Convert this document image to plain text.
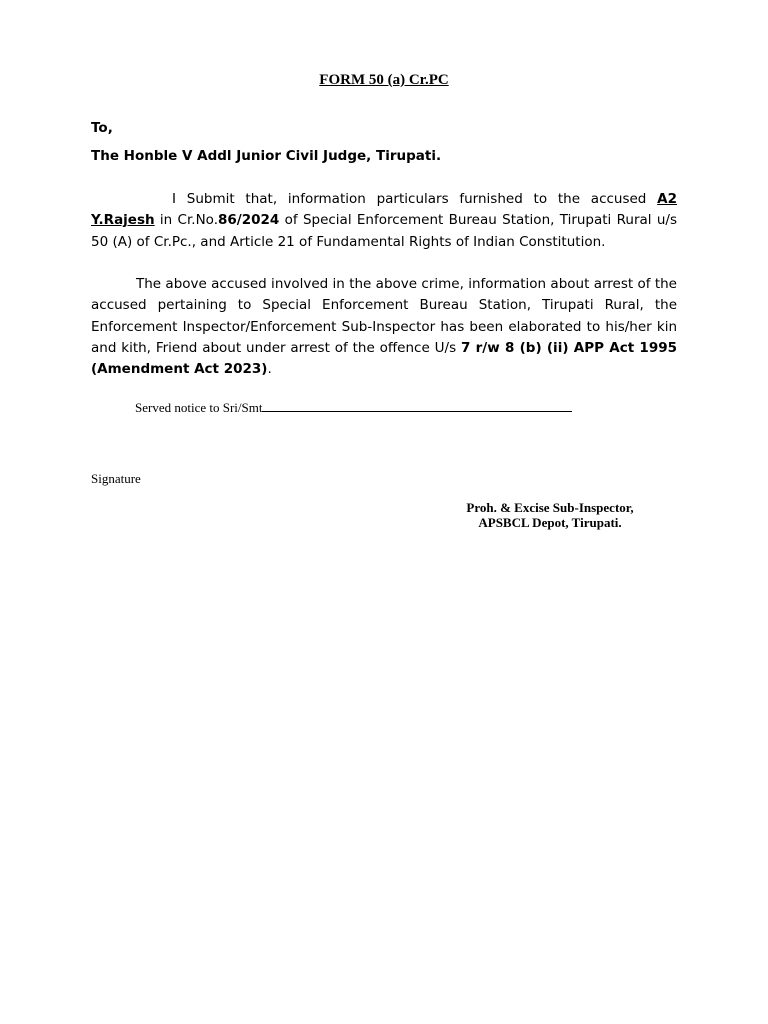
FORM 50 (a) Cr.PC
To,
The Honble V Addl Junior Civil Judge, Tirupati.

I Submit that, information particulars furnished to the accused A2 Y.Rajesh in Cr.No.86/2024 of Special Enforcement Bureau Station, Tirupati Rural u/s 50 (A) of Cr.Pc., and Article 21 of Fundamental Rights of Indian Constitution.

The above accused involved in the above crime, information about arrest of the accused pertaining to Special Enforcement Bureau Station, Tirupati Rural, the Enforcement Inspector/Enforcement Sub-Inspector has been elaborated to his/her kin and kith, Friend about under arrest of the offence U/s 7 r/w 8 (b) (ii) APP Act 1995 (Amendment Act 2023).

Served notice to Sri/Smt
Signature
Proh. & Excise Sub-Inspector,
APSBCL Depot, Tirupati.
